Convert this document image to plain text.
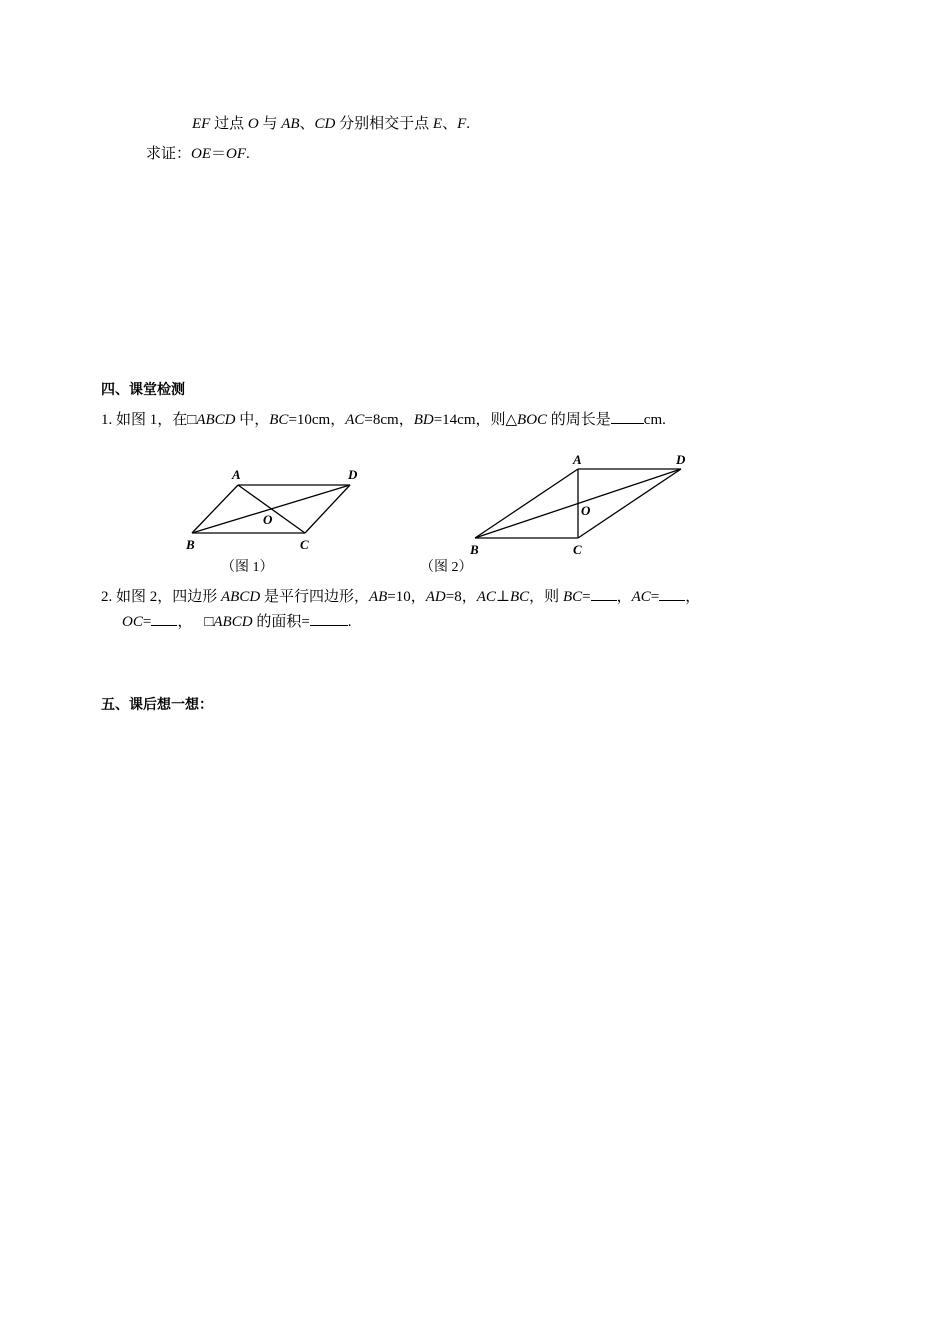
EF 过点 O 与 AB、CD 分别相交于点 E、F.
求证：OE＝OF.
四、课堂检测
1. 如图 1，在□ABCD 中，BC=10cm，AC=8cm，BD=14cm，则△BOC 的周长是 cm.
A	D
B	C
O
（图 1）
A	D
B	C
O
（图 2）
2. 如图 2，四边形 ABCD 是平行四边形，AB=10，AD=8，AC⊥BC，则 BC= ，AC= ，
OC= ， □ABCD 的面积=	.
五、课后想一想：
